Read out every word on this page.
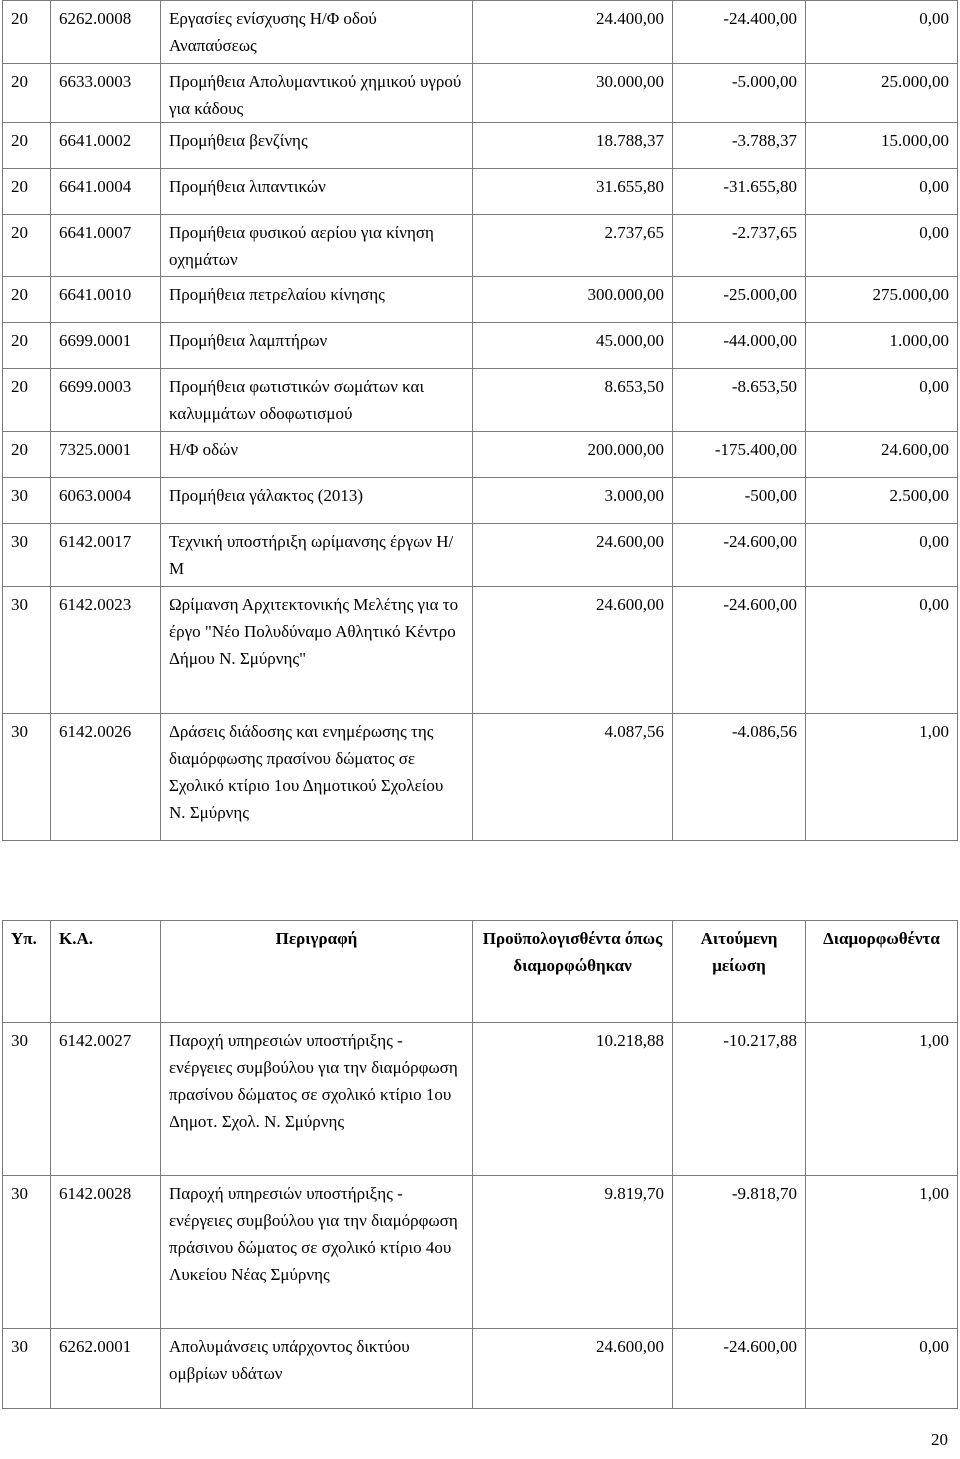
20	6262.0008	Εργασίες ενίσχυσης Η/Φ οδού Αναπαύσεως	24.400,00	-24.400,00	0,00
20	6633.0003	Προμήθεια Απολυμαντικού χημικού υγρού για κάδους	30.000,00	-5.000,00	25.000,00
20	6641.0002	Προμήθεια βενζίνης	18.788,37	-3.788,37	15.000,00
20	6641.0004	Προμήθεια λιπαντικών	31.655,80	-31.655,80	0,00
20	6641.0007	Προμήθεια φυσικού αερίου για κίνηση οχημάτων	2.737,65	-2.737,65	0,00
20	6641.0010	Προμήθεια πετρελαίου κίνησης	300.000,00	-25.000,00	275.000,00
20	6699.0001	Προμήθεια λαμπτήρων	45.000,00	-44.000,00	1.000,00
20	6699.0003	Προμήθεια φωτιστικών σωμάτων και καλυμμάτων οδοφωτισμού	8.653,50	-8.653,50	0,00
20	7325.0001	Η/Φ οδών	200.000,00	-175.400,00	24.600,00
30	6063.0004	Προμήθεια γάλακτος (2013)	3.000,00	-500,00	2.500,00
30	6142.0017	Τεχνική υποστήριξη ωρίμανσης έργων Η/Μ	24.600,00	-24.600,00	0,00
30	6142.0023	Ωρίμανση Αρχιτεκτονικής Μελέτης για το έργο "Νέο Πολυδύναμο Αθλητικό Κέντρο Δήμου Ν. Σμύρνης"	24.600,00	-24.600,00	0,00
30	6142.0026	Δράσεις διάδοσης και ενημέρωσης της διαμόρφωσης πρασίνου δώματος σε Σχολικό κτίριο 1ου Δημοτικού Σχολείου Ν. Σμύρνης	4.087,56	-4.086,56	1,00
Υπ.	Κ.Α.	Περιγραφή	Προϋπολογισθέντα όπως διαμορφώθηκαν	Αιτούμενη μείωση	Διαμορφωθέντα
30	6142.0027	Παροχή υπηρεσιών υποστήριξης - ενέργειες συμβούλου για την διαμόρφωση πρασίνου δώματος σε σχολικό κτίριο 1ου Δημοτ. Σχολ. Ν. Σμύρνης	10.218,88	-10.217,88	1,00
30	6142.0028	Παροχή υπηρεσιών υποστήριξης - ενέργειες συμβούλου για την διαμόρφωση πράσινου δώματος σε σχολικό κτίριο 4ου Λυκείου Νέας Σμύρνης	9.819,70	-9.818,70	1,00
30	6262.0001	Απολυμάνσεις υπάρχοντος δικτύου ομβρίων υδάτων	24.600,00	-24.600,00	0,00
20
